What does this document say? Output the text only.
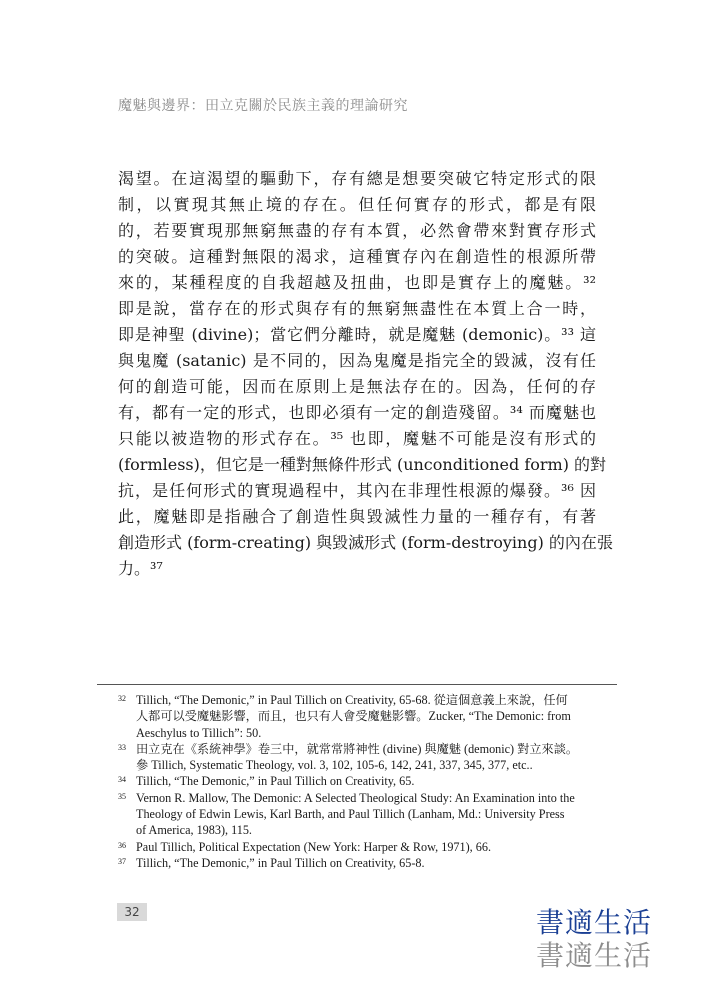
魔魅與邊界：田立克關於民族主義的理論研究
渴望。在這渴望的驅動下，存有總是想要突破它特定形式的限
制，以實現其無止境的存在。但任何實存的形式，都是有限
的，若要實現那無窮無盡的存有本質，必然會帶來對實存形式
的突破。這種對無限的渴求，這種實存內在創造性的根源所帶
來的，某種程度的自我超越及扭曲，也即是實存上的魔魅。³²
即是說，當存在的形式與存有的無窮無盡性在本質上合一時，
即是神聖 (divine)；當它們分離時，就是魔魅 (demonic)。³³ 這
與鬼魔 (satanic) 是不同的，因為鬼魔是指完全的毀滅，沒有任
何的創造可能，因而在原則上是無法存在的。因為，任何的存
有，都有一定的形式，也即必須有一定的創造殘留。³⁴ 而魔魅也
只能以被造物的形式存在。³⁵ 也即，魔魅不可能是沒有形式的
(formless)，但它是一種對無條件形式 (unconditioned form) 的對
抗，是任何形式的實現過程中，其內在非理性根源的爆發。³⁶ 因
此，魔魅即是指融合了創造性與毀滅性力量的一種存有，有著
創造形式 (form-creating) 與毀滅形式 (form-destroying) 的內在張
力。³⁷
32 Tillich, “The Demonic,” in Paul Tillich on Creativity, 65-68. 從這個意義上來說，任何
人都可以受魔魅影響，而且，也只有人會受魔魅影響。Zucker, “The Demonic: from
Aeschylus to Tillich”: 50.
33 田立克在《系統神學》卷三中，就常常將神性 (divine) 與魔魅 (demonic) 對立來談。
參 Tillich, Systematic Theology, vol. 3, 102, 105-6, 142, 241, 337, 345, 377, etc..
34 Tillich, “The Demonic,” in Paul Tillich on Creativity, 65.
35 Vernon R. Mallow, The Demonic: A Selected Theological Study: An Examination into the
Theology of Edwin Lewis, Karl Barth, and Paul Tillich (Lanham, Md.: University Press
of America, 1983), 115.
36 Paul Tillich, Political Expectation (New York: Harper & Row, 1971), 66.
37 Tillich, “The Demonic,” in Paul Tillich on Creativity, 65-8.
32	書適生活
書適生活
